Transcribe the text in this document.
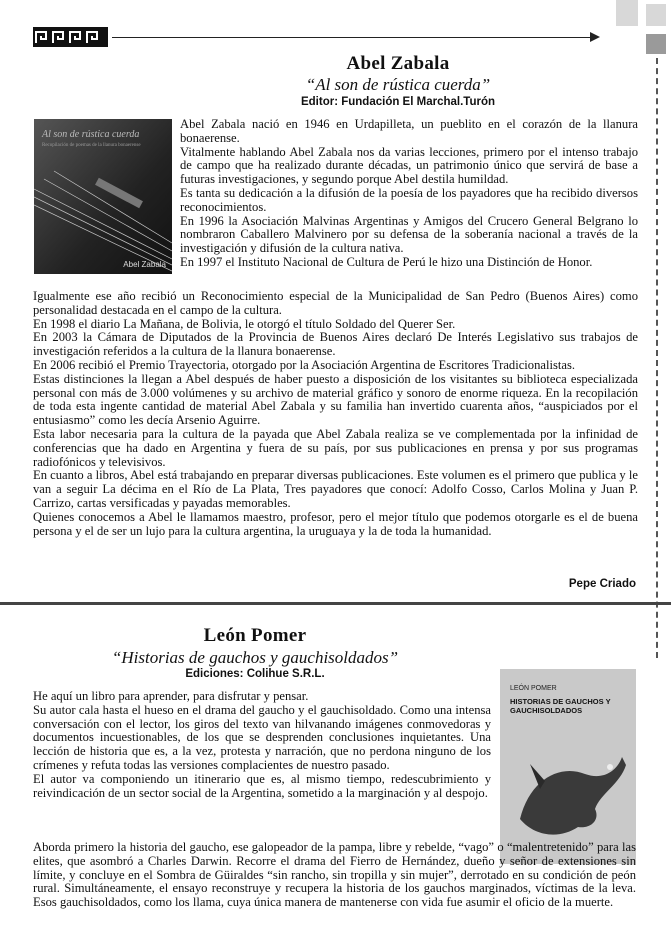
Abel Zabala
“Al son de rústica cuerda”
Editor: Fundación El Marchal.Turón
Al son de rústica cuerda
Recopilación de poemas de la llanura bonaerense
Abel Zabala

Abel Zabala nació en 1946 en Urdapilleta, un pueblito en el corazón de la llanura bonaerense.

Vitalmente hablando Abel Zabala nos da varias lecciones, primero por el intenso trabajo de campo que ha realizado durante décadas, un patrimonio único que servirá de base a futuras investigaciones, y segundo porque Abel destila humildad.

Es tanta su dedicación a la difusión de la poesía de los payadores que ha recibido diversos reconocimientos.

En 1996 la Asociación Malvinas Argentinas y Amigos del Crucero General Belgrano lo nombraron Caballero Malvinero por su defensa de la soberanía nacional a través de la investigación y difusión de la cultura nativa.

En 1997 el Instituto Nacional de Cultura de Perú le hizo una Distinción de Honor.

Igualmente ese año recibió un Reconocimiento especial de la Municipalidad de San Pedro (Buenos Aires) como personalidad destacada en el campo de la cultura.

En 1998 el diario La Mañana, de Bolivia, le otorgó el título Soldado del Querer Ser.

En 2003 la Cámara de Diputados de la Provincia de Buenos Aires declaró De Interés Legislativo sus trabajos de investigación referidos a la cultura de la llanura bonaerense.

En 2006 recibió el Premio Trayectoria, otorgado por la Asociación Argentina de Escritores Tradicionalistas.

Estas distinciones la llegan a Abel después de haber puesto a disposición de los visitantes su biblioteca especializada personal con más de 3.000 volúmenes y su archivo de material gráfico y sonoro de enorme riqueza. En la recopilación de toda esta ingente cantidad de material Abel Zabala y su familia han invertido cuarenta años, “auspiciados por el entusiasmo” como les decía Arsenio Aguirre.

Esta labor necesaria para la cultura de la payada que Abel Zabala realiza se ve complementada por la infinidad de conferencias que ha dado en Argentina y fuera de su país, por sus publicaciones en prensa y por sus programas radiofónicos y televisivos.

En cuanto a libros, Abel está trabajando en preparar diversas publicaciones. Este volumen es el primero que publica y le van a seguir La décima en el Río de La Plata, Tres payadores que conocí: Adolfo Cosso, Carlos Molina y Juan P. Carrizo, cartas versificadas y payadas memorables.

Quienes conocemos a Abel le llamamos maestro, profesor, pero el mejor título que podemos otorgarle es el de buena persona y el de ser un lujo para la cultura argentina, la uruguaya y la de toda la humanidad.

Pepe Criado
León Pomer
“Historias de gauchos y gauchisoldados”
Ediciones: Colihue S.R.L.
LEÓN POMER
HISTORIAS DE GAUCHOS Y GAUCHISOLDADOS

He aquí un libro para aprender, para disfrutar y pensar.

Su autor cala hasta el hueso en el drama del gaucho y el gauchisoldado. Como una intensa conversación con el lector, los giros del texto van hilvanando imágenes conmovedoras y documentos incuestionables, de los que se desprenden conclusiones inquietantes. Una lección de historia que es, a la vez, protesta y narración, que no perdona ninguno de los crímenes y refuta todas las versiones complacientes de nuestro pasado.

El autor va componiendo un itinerario que es, al mismo tiempo, redescubrimiento y reivindicación de un sector social de la Argentina, sometido a la marginación y al despojo.

Aborda primero la historia del gaucho, ese galopeador de la pampa, libre y rebelde, “vago” o “malentretenido” para las elites, que asombró a Charles Darwin. Recorre el drama del Fierro de Hernández, dueño y señor de extensiones sin límite, y concluye en el Sombra de Güiraldes “sin rancho, sin tropilla y sin mujer”, derrotado en su condición de peón rural. Simultáneamente, el ensayo reconstruye y recupera la historia de los gauchos marginados, víctimas de la leva. Esos gauchisoldados, como los llama, cuya única manera de mantenerse con vida fue asumir el oficio de la muerte.
